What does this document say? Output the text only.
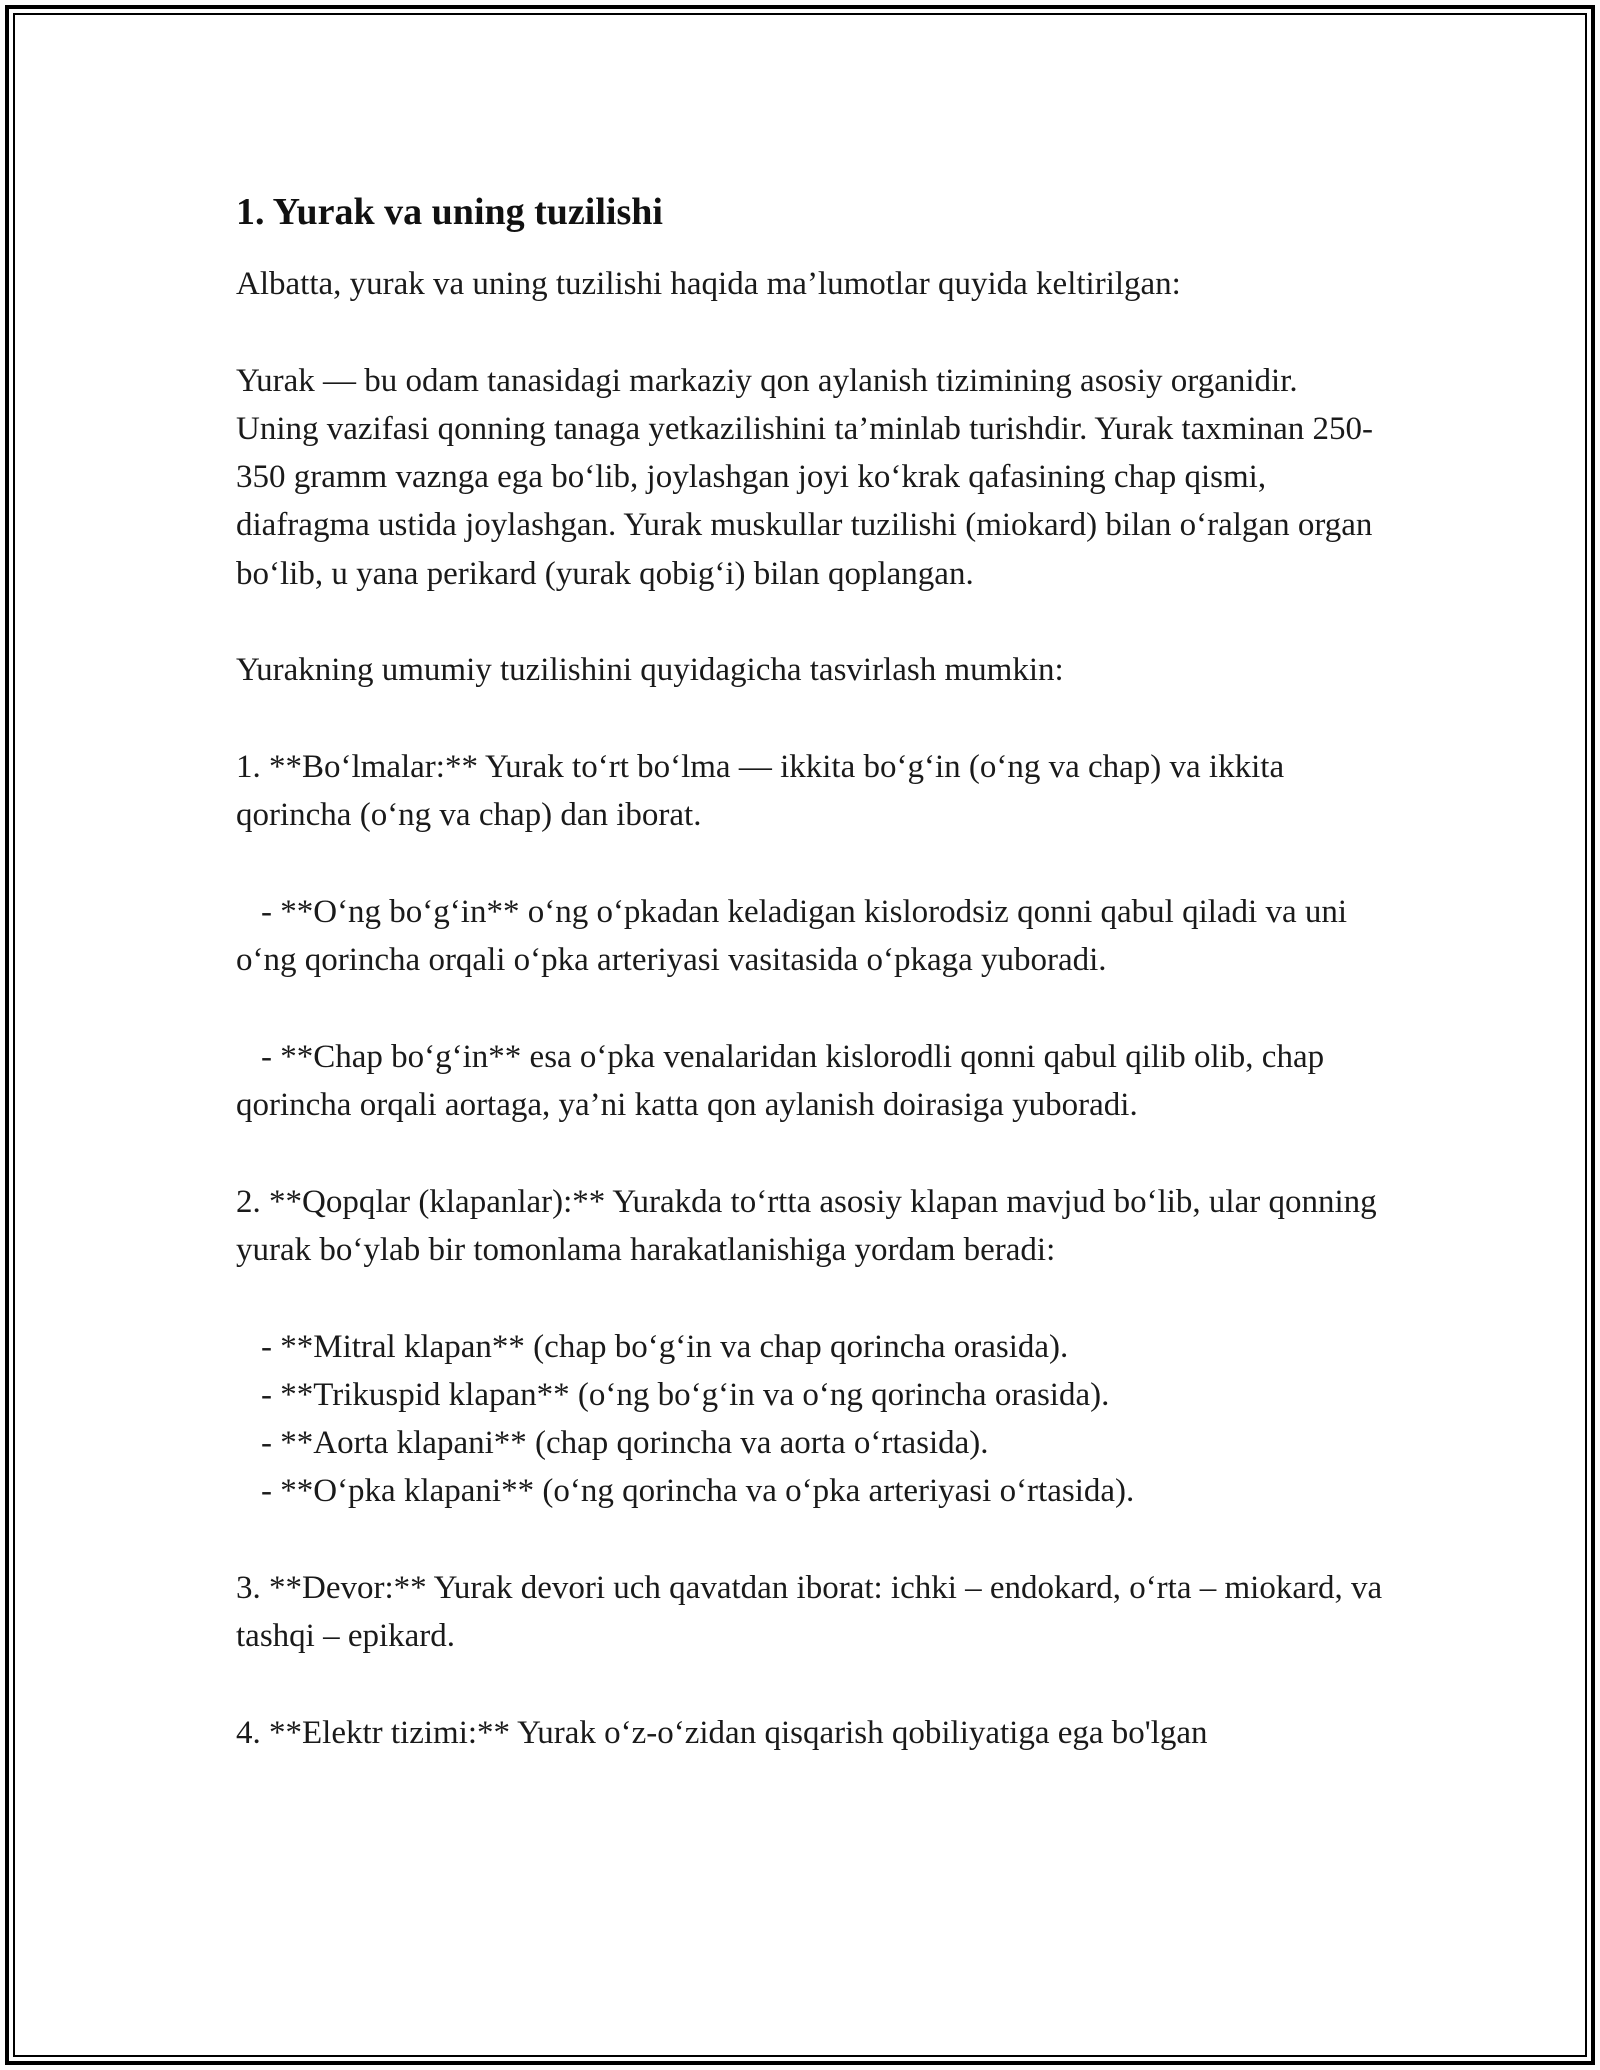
1. Yurak va uning tuzilishi
Albatta, yurak va uning tuzilishi haqida ma’lumotlar quyida keltirilgan:
Yurak — bu odam tanasidagi markaziy qon aylanish tizimining asosiy organidir. Uning vazifasi qonning tanaga yetkazilishini ta’minlab turishdir. Yurak taxminan 250-350 gramm vaznga ega bo‘lib, joylashgan joyi ko‘krak qafasining chap qismi, diafragma ustida joylashgan. Yurak muskullar tuzilishi (miokard) bilan o‘ralgan organ bo‘lib, u yana perikard (yurak qobig‘i) bilan qoplangan.
Yurakning umumiy tuzilishini quyidagicha tasvirlash mumkin:
1. **Bo‘lmalar:** Yurak to‘rt bo‘lma — ikkita bo‘g‘in (o‘ng va chap) va ikkita qorincha (o‘ng va chap) dan iborat.
- **O‘ng bo‘g‘in** o‘ng o‘pkadan keladigan kislorodsiz qonni qabul qiladi va uni o‘ng qorincha orqali o‘pka arteriyasi vasitasida o‘pkaga yuboradi.
- **Chap bo‘g‘in** esa o‘pka venalaridan kislorodli qonni qabul qilib olib, chap qorincha orqali aortaga, ya’ni katta qon aylanish doirasiga yuboradi.
2. **Qopqlar (klapanlar):** Yurakda to‘rtta asosiy klapan mavjud bo‘lib, ular qonning yurak bo‘ylab bir tomonlama harakatlanishiga yordam beradi:
- **Mitral klapan** (chap bo‘g‘in va chap qorincha orasida).
- **Trikuspid klapan** (o‘ng bo‘g‘in va o‘ng qorincha orasida).
- **Aorta klapani** (chap qorincha va aorta o‘rtasida).
- **O‘pka klapani** (o‘ng qorincha va o‘pka arteriyasi o‘rtasida).
3. **Devor:** Yurak devori uch qavatdan iborat: ichki – endokard, o‘rta – miokard, va tashqi – epikard.
4. **Elektr tizimi:** Yurak o‘z-o‘zidan qisqarish qobiliyatiga ega bo'lgan
